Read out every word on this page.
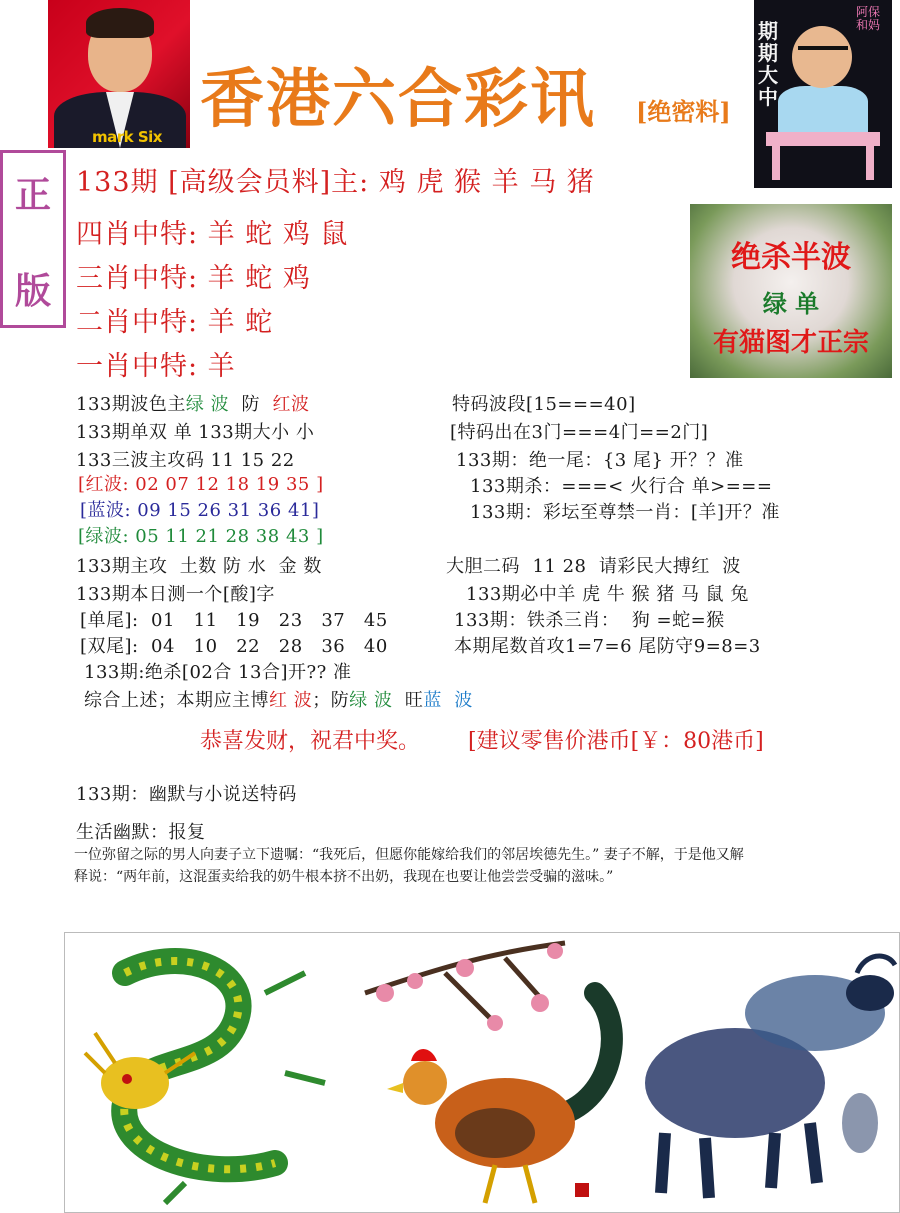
mark Six 香港六合彩讯 [绝密料]
期期大中
阿保和妈
正
版
133期 [高级会员料]主: 鸡 虎 猴 羊 马 猪
四肖中特: 羊 蛇 鸡 鼠
三肖中特: 羊 蛇 鸡
二肖中特: 羊 蛇
一肖中特: 羊
绝杀半波
绿 单
有猫图才正宗
133期波色主绿 波  防  红波
133期单双 单 133期大小 小
133三波主攻码 11 15 22
[红波: 02 07 12 18 19 35 ]
[蓝波: 09 15 26 31 36 41]
[绿波: 05 11 21 28 38 43 ]
133期主攻  土数 防 水  金 数
133期本日测一个[酸]字
[单尾]:  01   11   19   23   37   45
[双尾]:  04   10   22   28   36   40
133期:绝杀[02合 13合]开?? 准
综合上述；本期应主博红 波；防绿 波  旺蓝  波
特码波段[15===40]
[特码出在3门===4门==2门]
133期：绝一尾：{3 尾} 开？？准
133期杀：===< 火行合 单>===
133期：彩坛至尊禁一肖：[羊]开？准
大胆二码  11 28  请彩民大搏红  波
133期必中羊 虎 牛 猴 猪 马 鼠 兔
133期：铁杀三肖：  狗 =蛇=猴
本期尾数首攻1=7=6 尾防守9=8=3
恭喜发财，祝君中奖。 [建议零售价港币[￥：80港币]
133期：幽默与小说送特码
生活幽默：报复
一位弥留之际的男人向妻子立下遗嘱：“我死后，但愿你能嫁给我们的邻居埃德先生。” 妻子不解，于是他又解
释说：“两年前，这混蛋卖给我的奶牛根本挤不出奶，我现在也要让他尝尝受骗的滋味。”
